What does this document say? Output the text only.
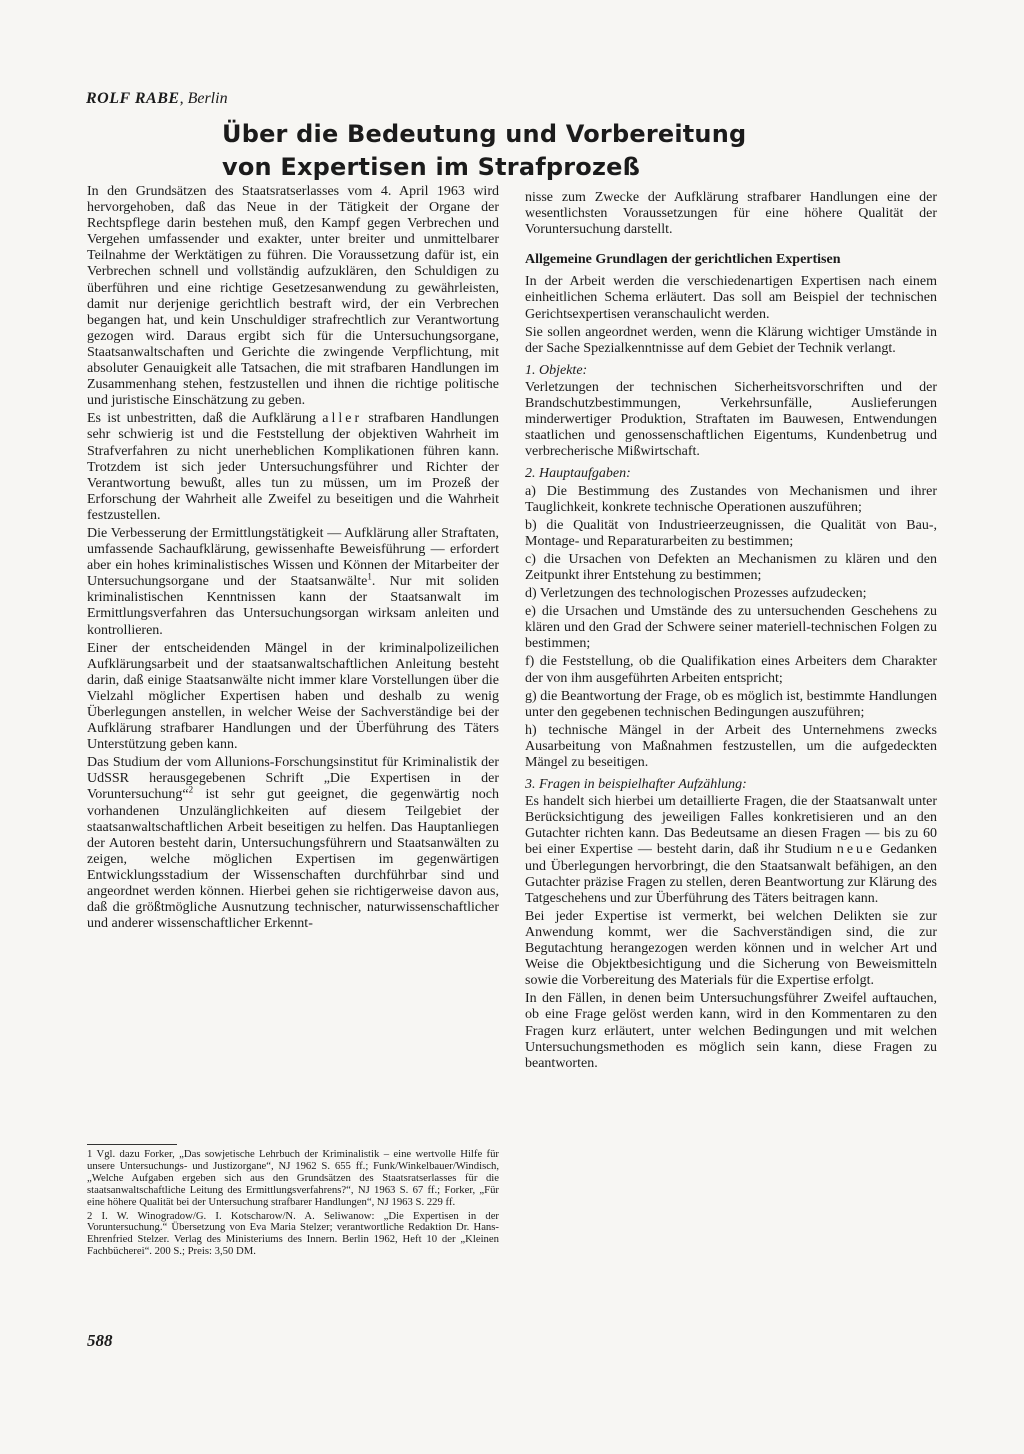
ROLF RABE, Berlin
Über die Bedeutung und Vorbereitung
von Expertisen im Strafprozeß

In den Grundsätzen des Staatsratserlasses vom 4. April 1963 wird hervorgehoben, daß das Neue in der Tätigkeit der Organe der Rechtspflege darin bestehen muß, den Kampf gegen Verbrechen und Vergehen umfassender und exakter, unter breiter und unmittelbarer Teilnahme der Werktätigen zu führen. Die Voraussetzung dafür ist, ein Verbrechen schnell und vollständig aufzuklären, den Schuldigen zu überführen und eine richtige Gesetzesanwendung zu gewährleisten, damit nur derjenige gerichtlich bestraft wird, der ein Verbrechen begangen hat, und kein Unschuldiger strafrechtlich zur Verantwortung gezogen wird. Daraus ergibt sich für die Untersuchungsorgane, Staatsanwaltschaften und Gerichte die zwingende Verpflichtung, mit absoluter Genauigkeit alle Tatsachen, die mit strafbaren Handlungen im Zusammenhang stehen, festzustellen und ihnen die richtige politische und juristische Einschätzung zu geben.

Es ist unbestritten, daß die Aufklärung aller strafbaren Handlungen sehr schwierig ist und die Feststellung der objektiven Wahrheit im Strafverfahren zu nicht unerheblichen Komplikationen führen kann. Trotzdem ist sich jeder Untersuchungsführer und Richter der Verantwortung bewußt, alles tun zu müssen, um im Prozeß der Erforschung der Wahrheit alle Zweifel zu beseitigen und die Wahrheit festzustellen.

Die Verbesserung der Ermittlungstätigkeit — Aufklärung aller Straftaten, umfassende Sachaufklärung, gewissenhafte Beweisführung — erfordert aber ein hohes kriminalistisches Wissen und Können der Mitarbeiter der Untersuchungsorgane und der Staatsanwälte$^1$. Nur mit soliden kriminalistischen Kenntnissen kann der Staatsanwalt im Ermittlungsverfahren das Untersuchungsorgan wirksam anleiten und kontrollieren.

Einer der entscheidenden Mängel in der kriminalpolizeilichen Aufklärungsarbeit und der staatsanwaltschaftlichen Anleitung besteht darin, daß einige Staatsanwälte nicht immer klare Vorstellungen über die Vielzahl möglicher Expertisen haben und deshalb zu wenig Überlegungen anstellen, in welcher Weise der Sachverständige bei der Aufklärung strafbarer Handlungen und der Überführung des Täters Unterstützung geben kann.

Das Studium der vom Allunions-Forschungsinstitut für Kriminalistik der UdSSR herausgegebenen Schrift „Die Expertisen in der Voruntersuchung“$^2$ ist sehr gut geeignet, die gegenwärtig noch vorhandenen Unzulänglichkeiten auf diesem Teilgebiet der staatsanwaltschaftlichen Arbeit beseitigen zu helfen. Das Hauptanliegen der Autoren besteht darin, Untersuchungsführern und Staatsanwälten zu zeigen, welche möglichen Expertisen im gegenwärtigen Entwicklungsstadium der Wissenschaften durchführbar sind und angeordnet werden können. Hierbei gehen sie richtigerweise davon aus, daß die größtmögliche Ausnutzung technischer, naturwissenschaftlicher und anderer wissenschaftlicher Erkennt-

1 Vgl. dazu Forker, „Das sowjetische Lehrbuch der Kriminalistik – eine wertvolle Hilfe für unsere Untersuchungs- und Justizorgane“, NJ 1962 S. 655 ff.; Funk/Winkelbauer/Windisch, „Welche Aufgaben ergeben sich aus den Grundsätzen des Staatsratserlasses für die staatsanwaltschaftliche Leitung des Ermittlungsverfahrens?“, NJ 1963 S. 67 ff.; Forker, „Für eine höhere Qualität bei der Untersuchung strafbarer Handlungen“, NJ 1963 S. 229 ff.

2 I. W. Winogradow/G. I. Kotscharow/N. A. Seliwanow: „Die Expertisen in der Voruntersuchung.“ Übersetzung von Eva Maria Stelzer; verantwortliche Redaktion Dr. Hans-Ehrenfried Stelzer. Verlag des Ministeriums des Innern. Berlin 1962, Heft 10 der „Kleinen Fachbücherei“. 200 S.; Preis: 3,50 DM.

588

nisse zum Zwecke der Aufklärung strafbarer Handlungen eine der wesentlichsten Voraussetzungen für eine höhere Qualität der Voruntersuchung darstellt.

Allgemeine Grundlagen der gerichtlichen Expertisen

In der Arbeit werden die verschiedenartigen Expertisen nach einem einheitlichen Schema erläutert. Das soll am Beispiel der technischen Gerichtsexpertisen veranschaulicht werden.

Sie sollen angeordnet werden, wenn die Klärung wichtiger Umstände in der Sache Spezialkenntnisse auf dem Gebiet der Technik verlangt.

1. Objekte:

Verletzungen der technischen Sicherheitsvorschriften und der Brandschutzbestimmungen, Verkehrsunfälle, Auslieferungen minderwertiger Produktion, Straftaten im Bauwesen, Entwendungen staatlichen und genossenschaftlichen Eigentums, Kundenbetrug und verbrecherische Mißwirtschaft.

2. Hauptaufgaben:

a) Die Bestimmung des Zustandes von Mechanismen und ihrer Tauglichkeit, konkrete technische Operationen auszuführen;

b) die Qualität von Industrieerzeugnissen, die Qualität von Bau-, Montage- und Reparaturarbeiten zu bestimmen;

c) die Ursachen von Defekten an Mechanismen zu klären und den Zeitpunkt ihrer Entstehung zu bestimmen;

d) Verletzungen des technologischen Prozesses aufzudecken;

e) die Ursachen und Umstände des zu untersuchenden Geschehens zu klären und den Grad der Schwere seiner materiell-technischen Folgen zu bestimmen;

f) die Feststellung, ob die Qualifikation eines Arbeiters dem Charakter der von ihm ausgeführten Arbeiten entspricht;

g) die Beantwortung der Frage, ob es möglich ist, bestimmte Handlungen unter den gegebenen technischen Bedingungen auszuführen;

h) technische Mängel in der Arbeit des Unternehmens zwecks Ausarbeitung von Maßnahmen festzustellen, um die aufgedeckten Mängel zu beseitigen.

3. Fragen in beispielhafter Aufzählung:

Es handelt sich hierbei um detaillierte Fragen, die der Staatsanwalt unter Berücksichtigung des jeweiligen Falles konkretisieren und an den Gutachter richten kann. Das Bedeutsame an diesen Fragen — bis zu 60 bei einer Expertise — besteht darin, daß ihr Studium neue Gedanken und Überlegungen hervorbringt, die den Staatsanwalt befähigen, an den Gutachter präzise Fragen zu stellen, deren Beantwortung zur Klärung des Tatgeschehens und zur Überführung des Täters beitragen kann.

Bei jeder Expertise ist vermerkt, bei welchen Delikten sie zur Anwendung kommt, wer die Sachverständigen sind, die zur Begutachtung herangezogen werden können und in welcher Art und Weise die Objektbesichtigung und die Sicherung von Beweismitteln sowie die Vorbereitung des Materials für die Expertise erfolgt.

In den Fällen, in denen beim Untersuchungsführer Zweifel auftauchen, ob eine Frage gelöst werden kann, wird in den Kommentaren zu den Fragen kurz erläutert, unter welchen Bedingungen und mit welchen Untersuchungsmethoden es möglich sein kann, diese Fragen zu beantworten.
